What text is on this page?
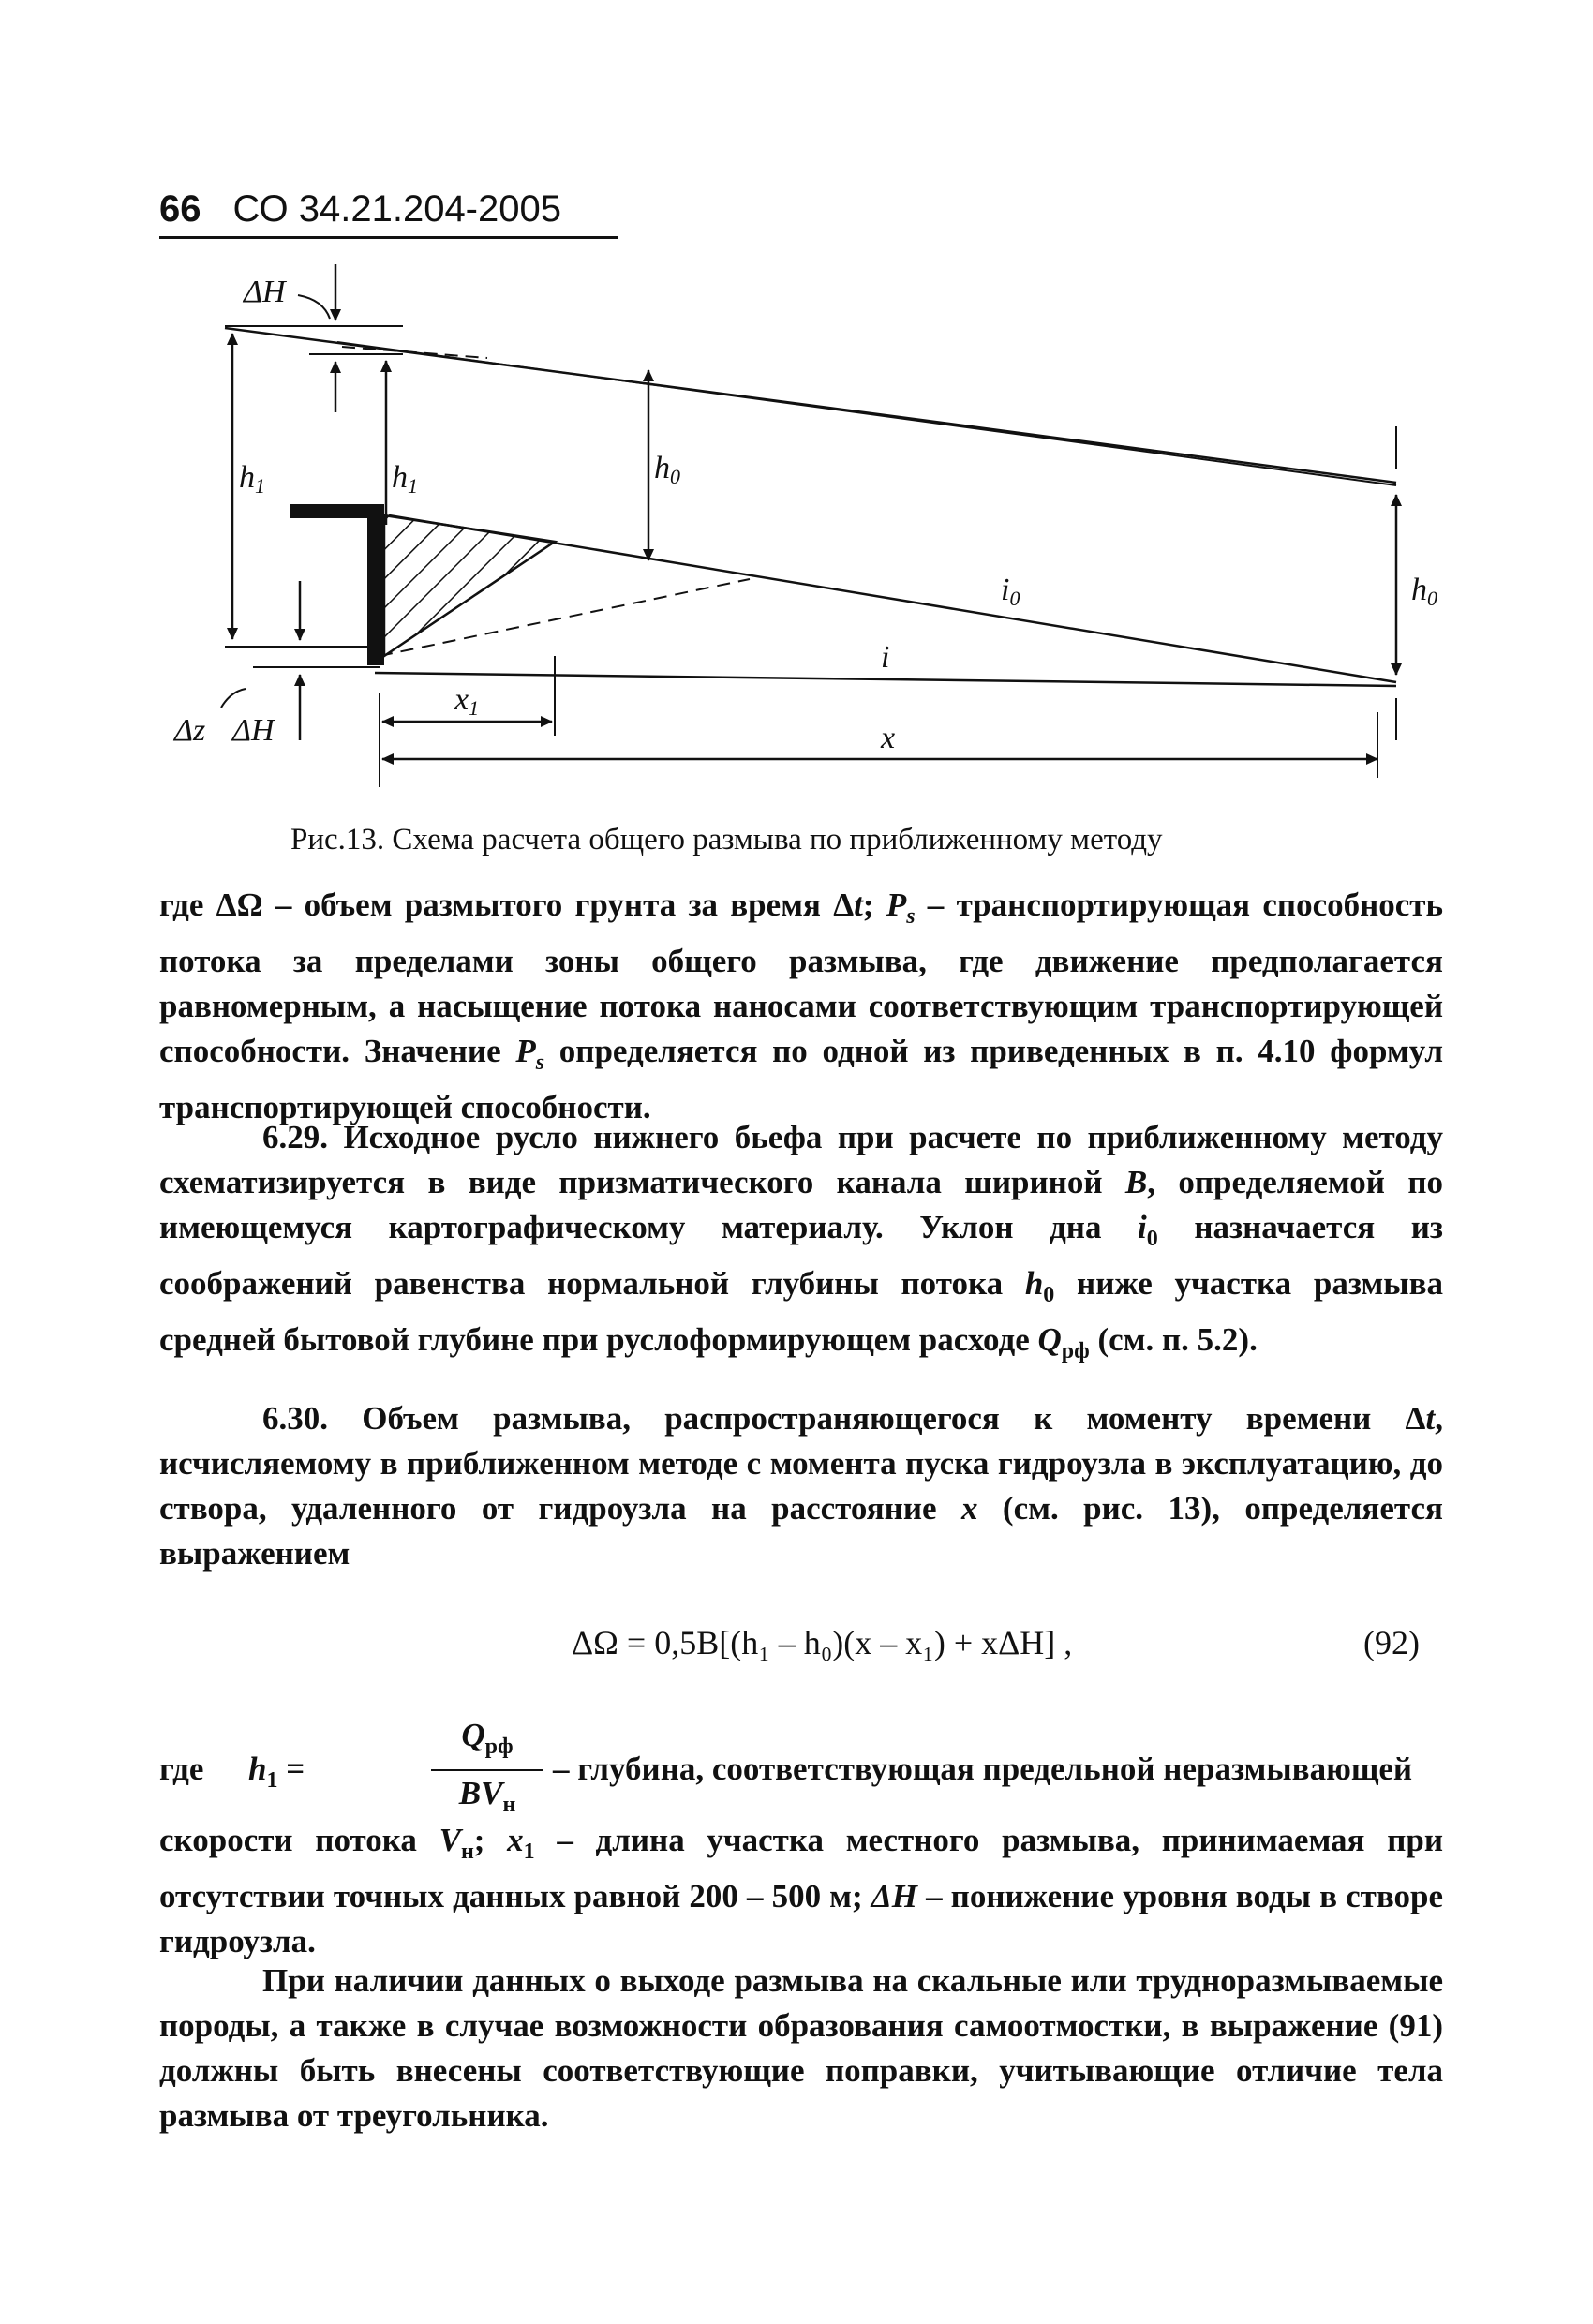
66 СО 34.21.204-2005
ΔH
h1	h1
h0
h0
i0
i
x1
x
Δz ΔH
Рис.13. Схема расчета общего размыва по приближенному методу
где ΔΩ – объем размытого грунта за время Δt; $P_s$ – транспортирующая способность потока за пределами зоны общего размыва, где движение предполагается равномерным, а насыщение потока наносами соответствующим транспортирующей способности. Значение $P_s$ определяется по одной из приведенных в п. 4.10 формул транспортирующей способности.
6.29. Исходное русло нижнего бьефа при расчете по приближенному методу схематизируется в виде призматического канала шириной B, определяемой по имеющемуся картографическому материалу. Уклон дна $i_0$ назначается из соображений равенства нормальной глубины потока $h_0$ ниже участка размыва средней бытовой глубине при руслоформирующем расходе $Q_{рф}$ (см. п. 5.2).
6.30. Объем размыва, распространяющегося к моменту времени Δt, исчисляемому в приближенном методе с момента пуска гидроузла в эксплуатацию, до створа, удаленного от гидроузла на расстояние x (см. рис. 13), определяется выражением
ΔΩ = 0,5B[(h₁ – h₀)(x – x₁) + xΔH] ,	(92)
где $h_1$ =
$Q_{рф}$
$BV_н$
– глубина, соответствующая предельной неразмывающей
скорости потока $V_н$; $x_1$ – длина участка местного размыва, принимаемая при отсутствии точных данных равной 200 – 500 м; ΔH – понижение уровня воды в створе гидроузла.
При наличии данных о выходе размыва на скальные или трудноразмываемые породы, а также в случае возможности образования самоотмостки, в выражение (91) должны быть внесены соответствующие поправки, учитывающие отличие тела размыва от треугольника.
